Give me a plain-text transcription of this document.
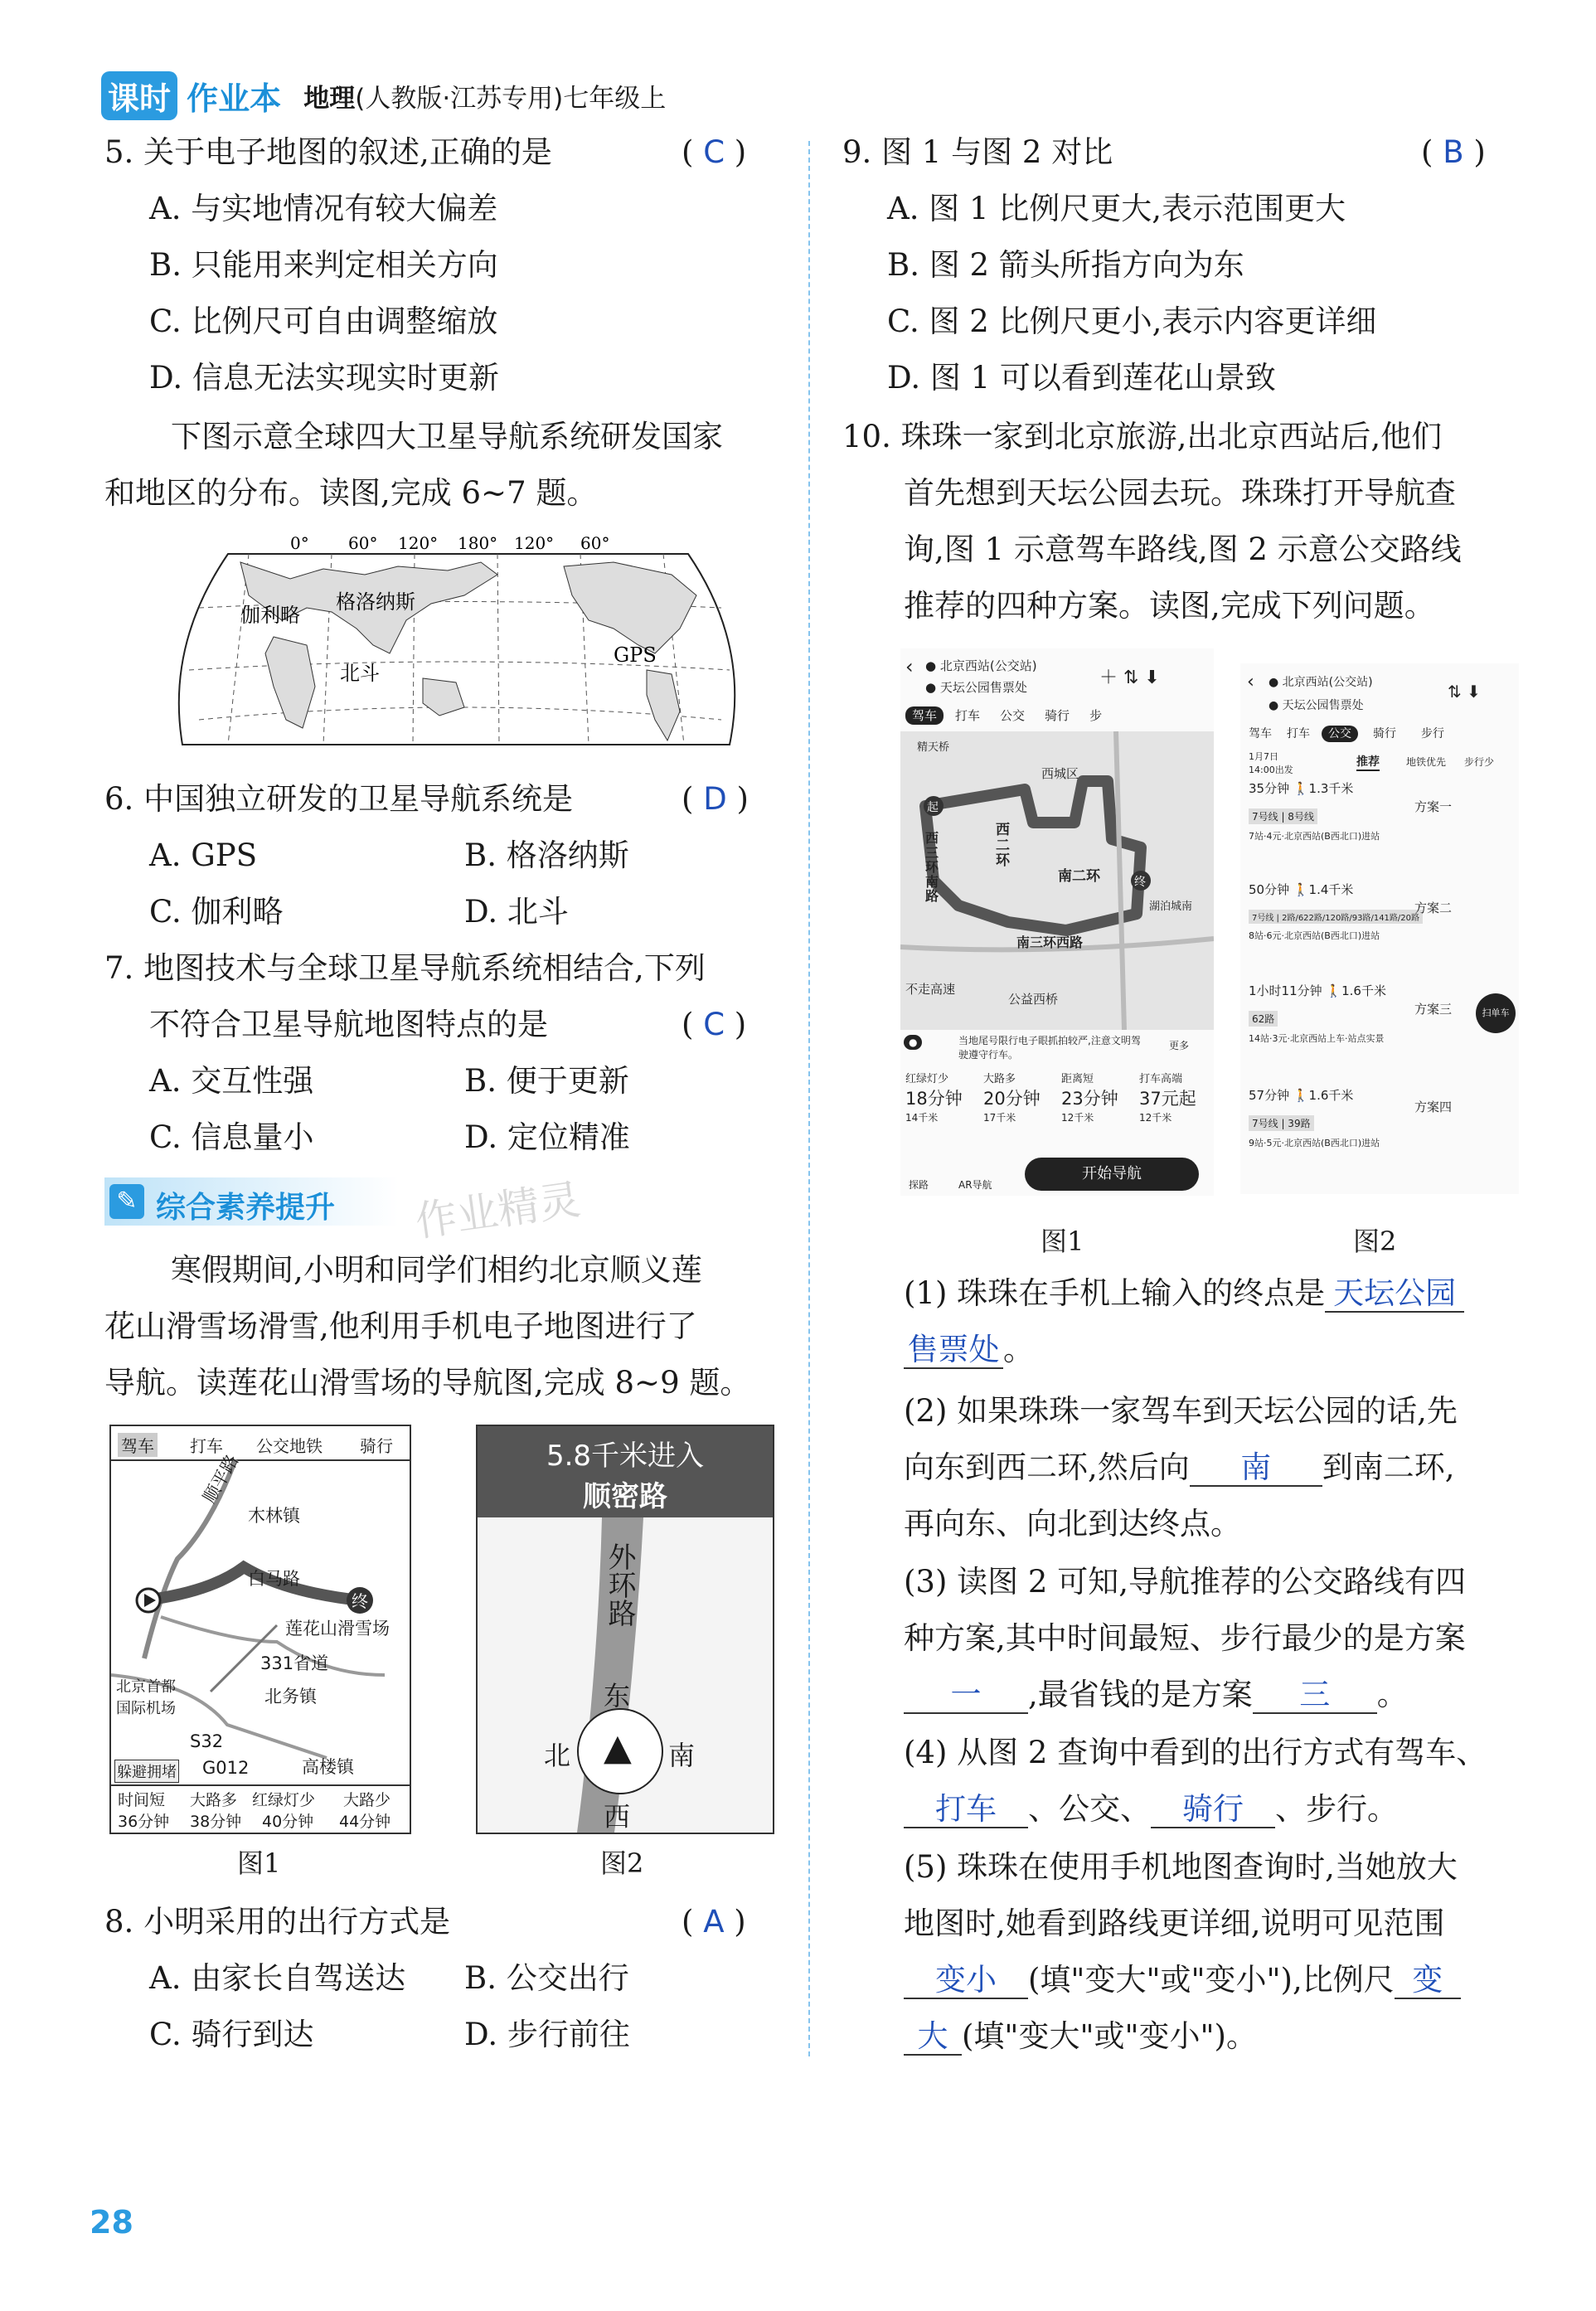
课时 作业本 地理(人教版·江苏专用)七年级上
5. 关于电子地图的叙述,正确的是	( C )
A. 与实地情况有较大偏差
B. 只能用来判定相关方向
C. 比例尺可自由调整缩放
D. 信息无法实现实时更新
下图示意全球四大卫星导航系统研发国家
和地区的分布。读图,完成 6~7 题。
0° 60° 120° 180° 120° 60°
伽利略
格洛纳斯
北斗
GPS
6. 中国独立研发的卫星导航系统是	( D )
A. GPS	B. 格洛纳斯
C. 伽利略	D. 北斗
7. 地图技术与全球卫星导航系统相结合,下列
不符合卫星导航地图特点的是	( C )
A. 交互性强	B. 便于更新
C. 信息量小	D. 定位精准
✎ 综合素养提升 作业精灵
寒假期间,小明和同学们相约北京顺义莲
花山滑雪场滑雪,他利用手机电子地图进行了
导航。读莲花山滑雪场的导航图,完成 8~9 题。
驾车 打车 公交地铁 骑行
终
木林镇
白马路
莲花山滑雪场
331省道
北务镇
北京首都国际机场
S32
G012	高楼镇
顺平路
躲避拥堵
时间短 大路多 红绿灯少 大路少
36分钟 38分钟 40分钟 44分钟
图1
5.8千米进入
顺密路
外环路
▲
东
南
西
北
图2
8. 小明采用的出行方式是	( A )
A. 由家长自驾送达 B. 公交出行
C. 骑行到达	D. 步行前往
9. 图 1 与图 2 对比	( B )
A. 图 1 比例尺更大,表示范围更大
B. 图 2 箭头所指方向为东
C. 图 2 比例尺更小,表示内容更详细
D. 图 1 可以看到莲花山景致
10. 珠珠一家到北京旅游,出北京西站后,他们
首先想到天坛公园去玩。珠珠打开导航查
询,图 1 示意驾车路线,图 2 示意公交路线
推荐的四种方案。读图,完成下列问题。
‹ ● 北京西站(公交站)
● 天坛公园售票处	＋ ⇅ ⬇
驾车 打车 公交 骑行 步
起
终
西城区
西二环
南二环
西三环南路
南三环西路
湖泊城南
不走高速
公益西桥
精天桥
●	当地尾号限行电子眼抓拍较严,注意文明驾驶遵守行车。
更多
红绿灯少
18分钟
14千米
大路多
20分钟
17千米
距离短
23分钟
12千米
打车高端
37元起
12千米
探路	AR导航
开始导航
图1
‹ ● 北京西站(公交站)
● 天坛公园售票处
⇅ ⬇
驾车 打车 公交 骑行 步行
1月7日 14:00出发
推荐	地铁优先 步行少
35分钟 🚶1.3千米
方案一
7号线 | 8号线
7站·4元·北京西站(B西北口)进站
50分钟 🚶1.4千米
方案二
7号线 | 2路/622路/120路/93路/141路/20路
8站·6元·北京西站(B西北口)进站
1小时11分钟 🚶1.6千米
方案三
62路
14站·3元·北京西站上车·站点实景
57分钟 🚶1.6千米
方案四
7号线 | 39路
9站·5元·北京西站(B西北口)进站
扫单车
图2
(1) 珠珠在手机上输入的终点是 天坛公园
售票处 。
(2) 如果珠珠一家驾车到天坛公园的话,先
向东到西二环,然后向 南 到南二环,
再向东、向北到达终点。
(3) 读图 2 可知,导航推荐的公交路线有四
种方案,其中时间最短、步行最少的是方案
一 ,最省钱的是方案 三 。
(4) 从图 2 查询中看到的出行方式有驾车、
打车 、公交、 骑行 、步行。
(5) 珠珠在使用手机地图查询时,当她放大
地图时,她看到路线更详细,说明可见范围
变小 (填"变大"或"变小"),比例尺 变
大 (填"变大"或"变小")。
28
